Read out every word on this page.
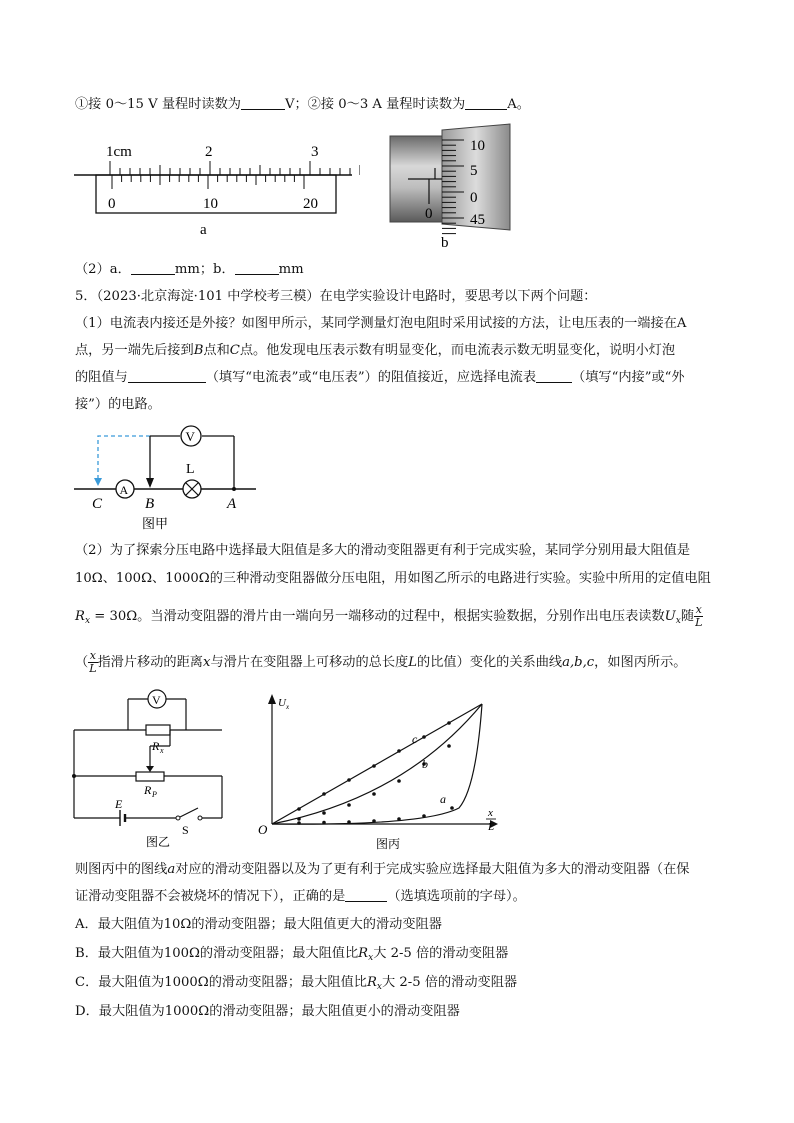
①接 0～15 V 量程时读数为	V；②接 0～3 A 量程时读数为	A。
1cm	2	3
0	10	20
a
0
10
5
0
45
b
（2）a．	mm；b．	mm
5．（2023·北京海淀·101 中学校考三模）在电学实验设计电路时，要思考以下两个问题：
（1）电流表内接还是外接？如图甲所示，某同学测量灯泡电阻时采用试接的方法，让电压表的一端接在A
点，另一端先后接到B点和C点。他发现电压表示数有明显变化，而电流表示数无明显变化，说明小灯泡
的阻值与	（填写“电流表”或“电压表”）的阻值接近，应选择电流表	（填写“内接”或“外
接”）的电路。
V
A
L
C	B	A
图甲
（2）为了探索分压电路中选择最大阻值是多大的滑动变阻器更有利于完成实验，某同学分别用最大阻值是
10Ω、100Ω、1000Ω的三种滑动变阻器做分压电阻，用如图乙所示的电路进行实验。实验中所用的定值电阻
$R_x = 30\Omega$。当滑动变阻器的滑片由一端向另一端移动的过程中，根据实验数据，分别作出电压表读数$U_x$随 $\frac{x}{L}$
（ $\frac{x}{L}$ 指滑片移动的距离x与滑片在变阻器上可移动的总长度L的比值）变化的关系曲线a,b,c，如图丙所示。
V
R x
R P
E
S
图乙
U x
O
x
L
c
b
a
图丙
则图丙中的图线a对应的滑动变阻器以及为了更有利于完成实验应选择最大阻值为多大的滑动变阻器（在保
证滑动变阻器不会被烧坏的情况下），正确的是	（选填选项前的字母）。
A．最大阻值为10Ω的滑动变阻器；最大阻值更大的滑动变阻器
B．最大阻值为100Ω的滑动变阻器；最大阻值比$R_x$大 2-5 倍的滑动变阻器
C．最大阻值为1000Ω的滑动变阻器；最大阻值比$R_x$大 2-5 倍的滑动变阻器
D．最大阻值为1000Ω的滑动变阻器；最大阻值更小的滑动变阻器
